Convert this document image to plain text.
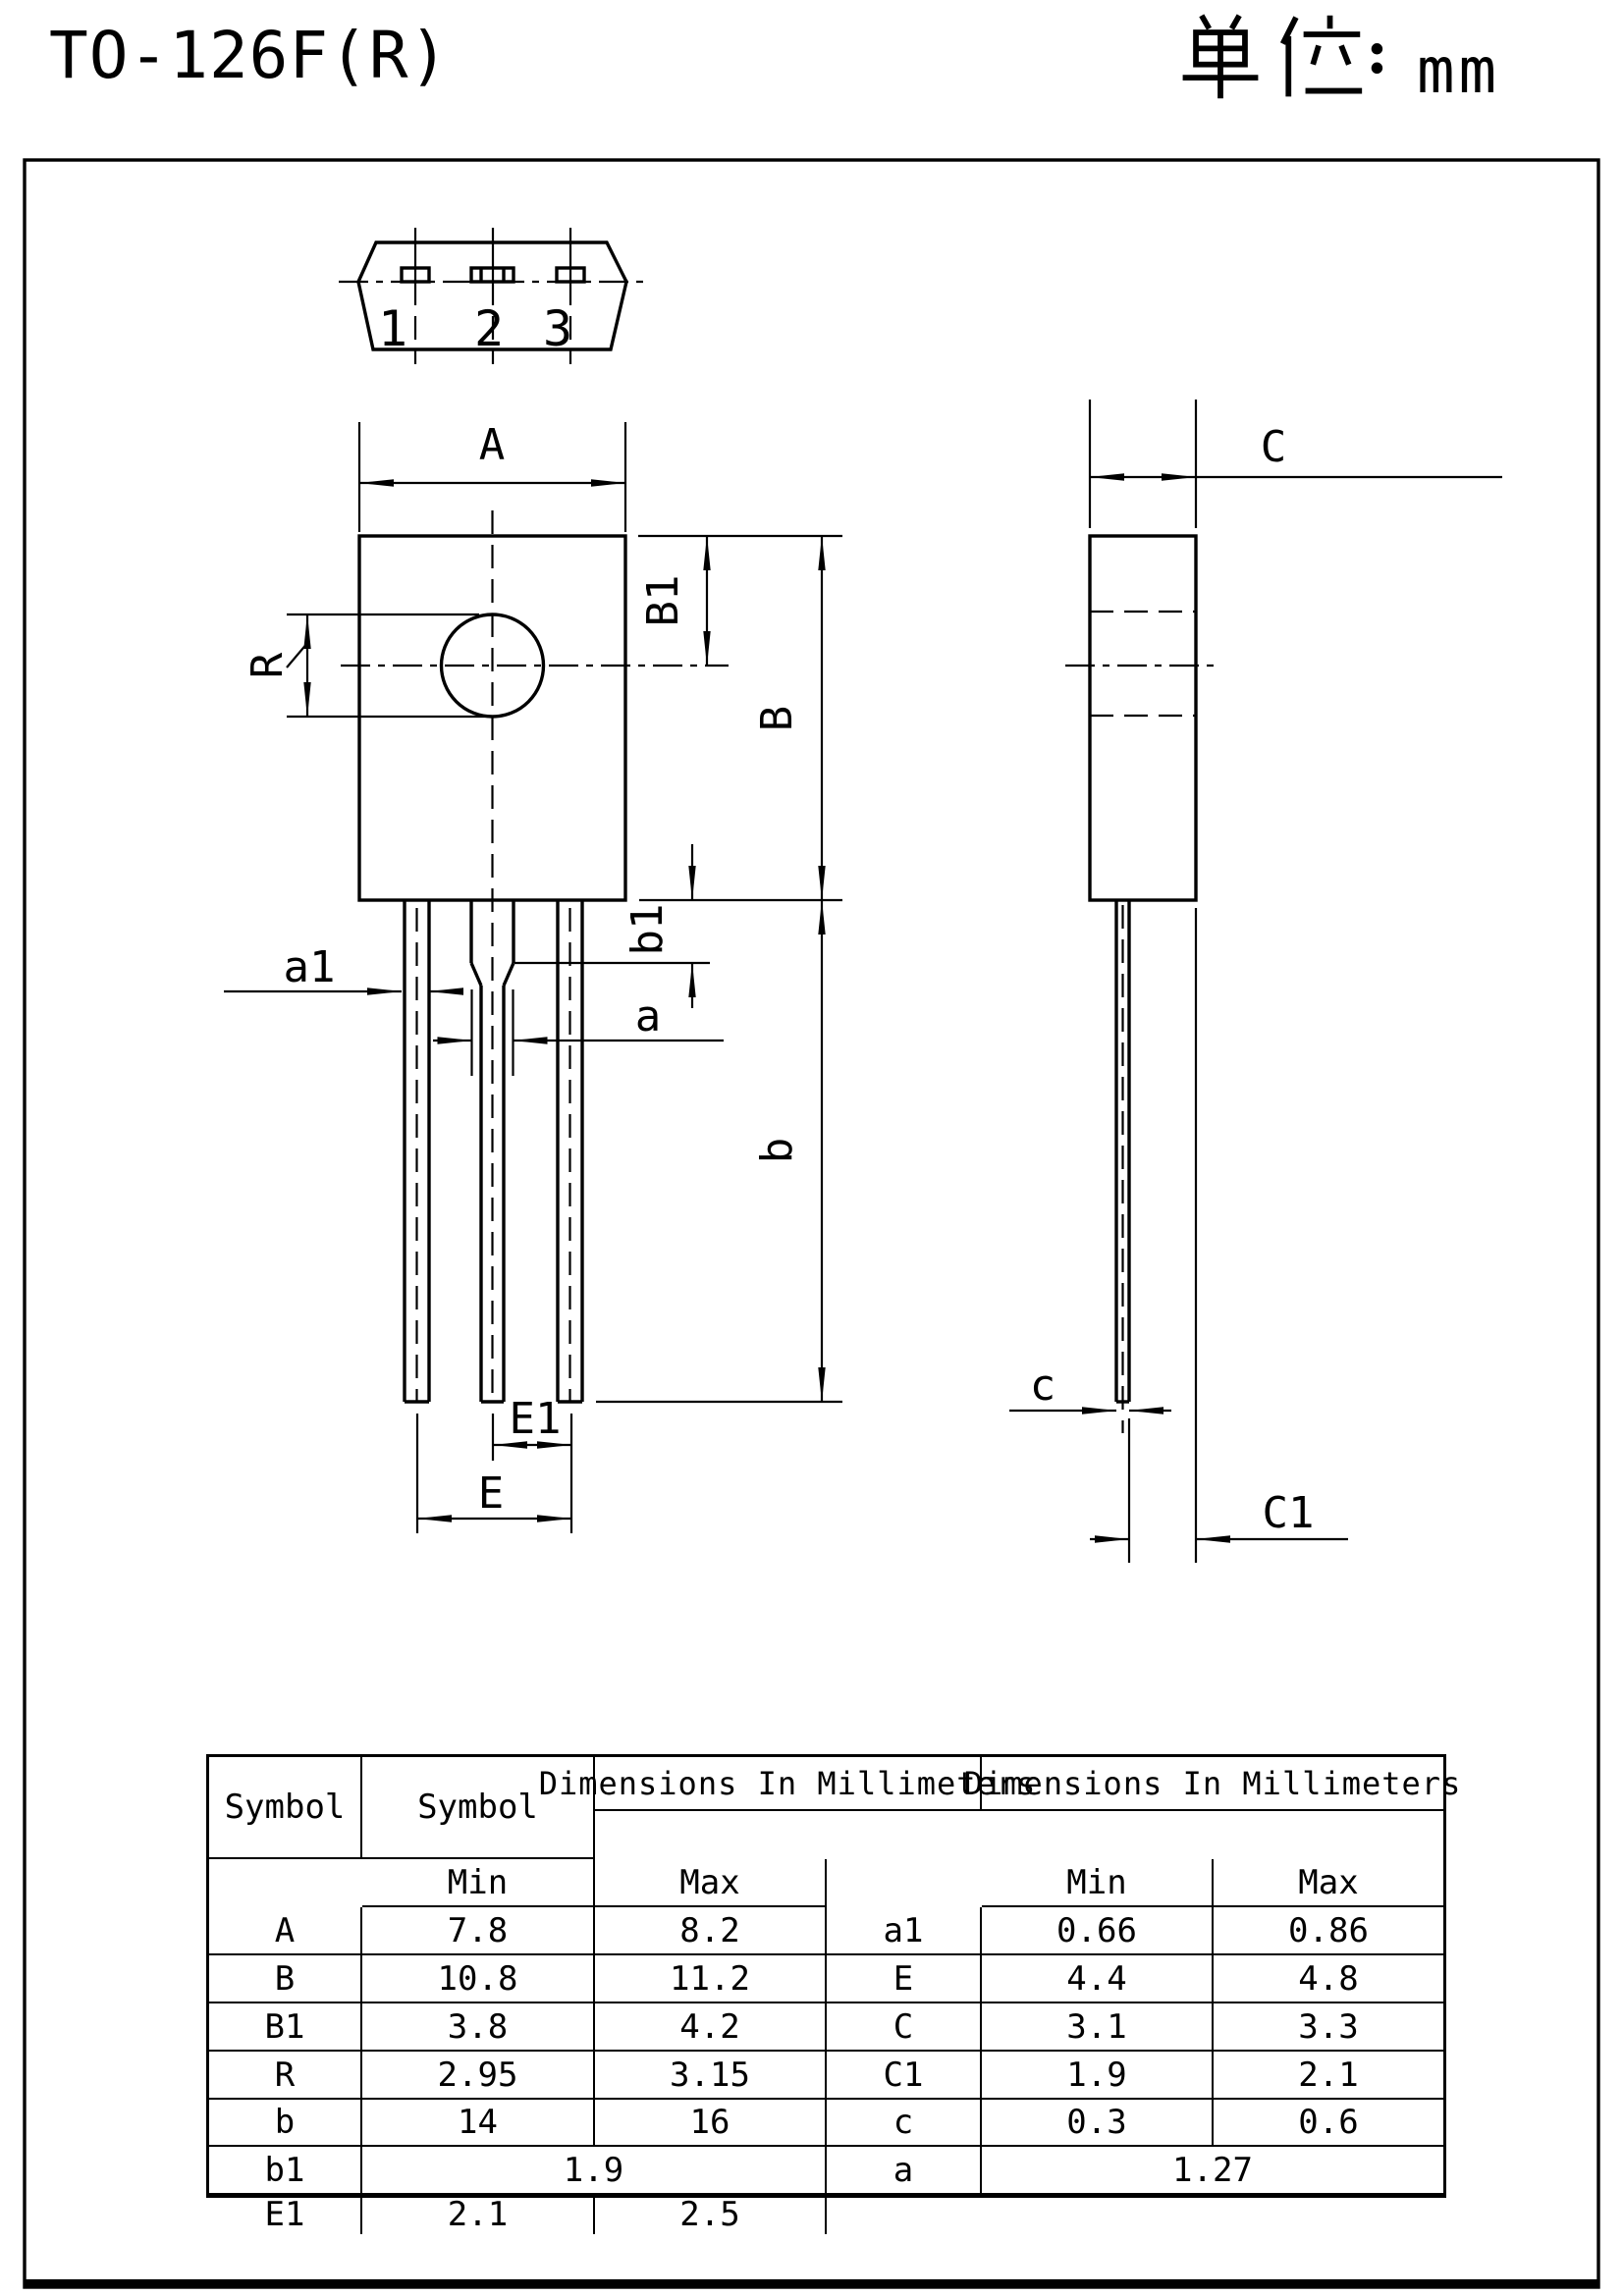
TO-126F(R)	: mm
1 2 3
A
R
B1
B
b
b1
a1
a
E1
E
C
c
C1
Symbol
Dimensions In Millimeters
Symbol
Dimensions In Millimeters
Min	Max	Min	Max
A	7.8	8.2	a1	0.66	0.86
B	10.8	11.2	E	4.4	4.8
B1	3.8	4.2	C	3.1	3.3
R	2.95	3.15	C1	1.9	2.1
b	14	16	c	0.3	0.6
b1	1.9	a	1.27
E1	2.1	2.5
